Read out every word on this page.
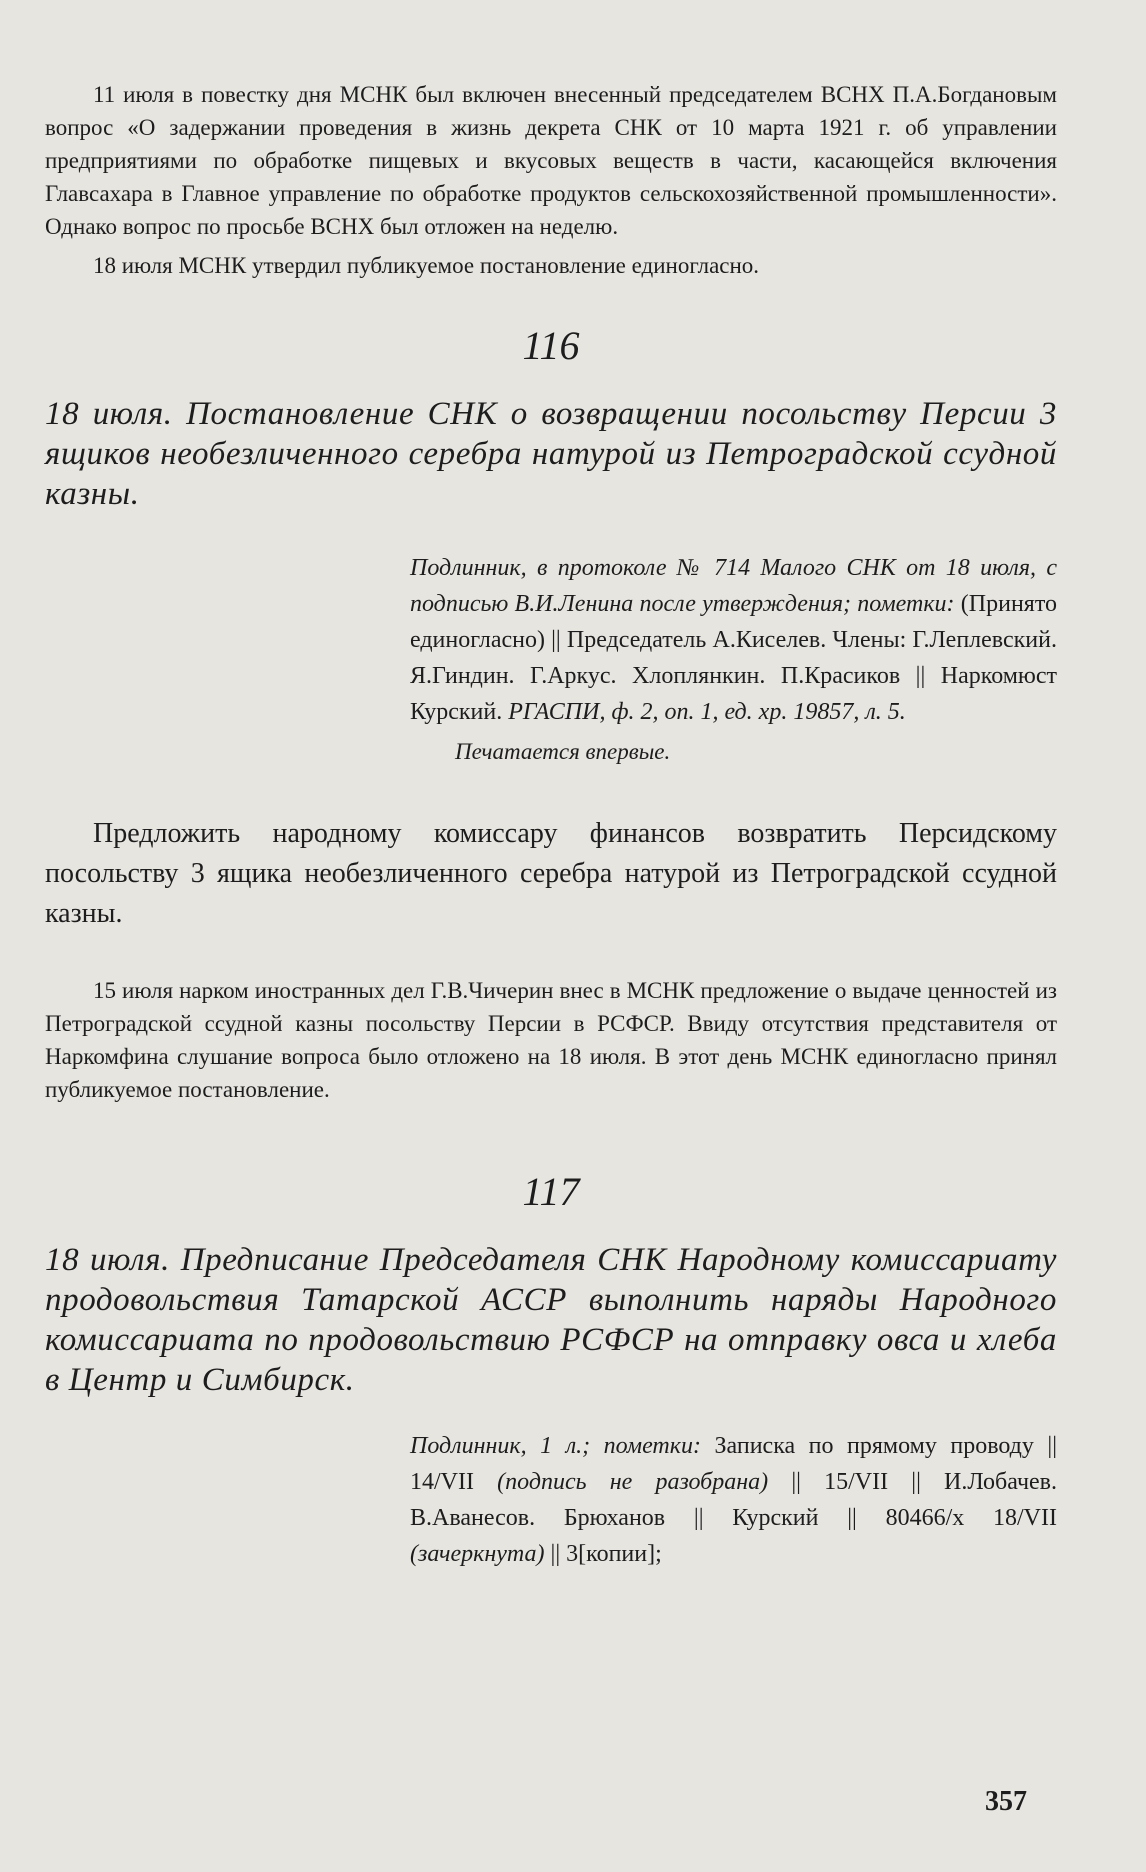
11 июля в повестку дня МСНК был включен внесенный председателем ВСНХ П.А.Богдановым вопрос «О задержании проведения в жизнь декрета СНК от 10 марта 1921 г. об управлении предприятиями по обработке пищевых и вкусовых веществ в части, касающейся включения Главсахара в Главное управление по обработке продуктов сельскохозяйственной промышленности». Однако вопрос по просьбе ВСНХ был отложен на неделю.

18 июля МСНК утвердил публикуемое постановление единогласно.

116

18 июля. Постановление СНК о возвращении посольству Персии 3 ящиков необезличенного серебра натурой из Петроградской ссудной казны.

Подлинник, в протоколе № 714 Малого СНК от 18 июля, с подписью В.И.Ленина после утверждения; пометки: (Принято единогласно) || Председатель А.Киселев. Члены: Г.Леплевский. Я.Гиндин. Г.Аркус. Хлоплянкин. П.Красиков || Наркомюст Курский. РГАСПИ, ф. 2, оп. 1, ед. хр. 19857, л. 5.

Печатается впервые.

Предложить народному комиссару финансов возвратить Персидскому посольству 3 ящика необезличенного серебра натурой из Петроградской ссудной казны.

15 июля нарком иностранных дел Г.В.Чичерин внес в МСНК предложение о выдаче ценностей из Петроградской ссудной казны посольству Персии в РСФСР. Ввиду отсутствия представителя от Наркомфина слушание вопроса было отложено на 18 июля. В этот день МСНК единогласно принял публикуемое постановление.

117

18 июля. Предписание Председателя СНК Народному комиссариату продовольствия Татарской АССР выполнить наряды Народного комиссариата по продовольствию РСФСР на отправку овса и хлеба в Центр и Симбирск.

Подлинник, 1 л.; пометки: Записка по прямому проводу || 14/VII (подпись не разобрана) || 15/VII || И.Лобачев. В.Аванесов. Брюханов || Курский || 80466/х 18/VII (зачеркнута) || 3[копии];

357
